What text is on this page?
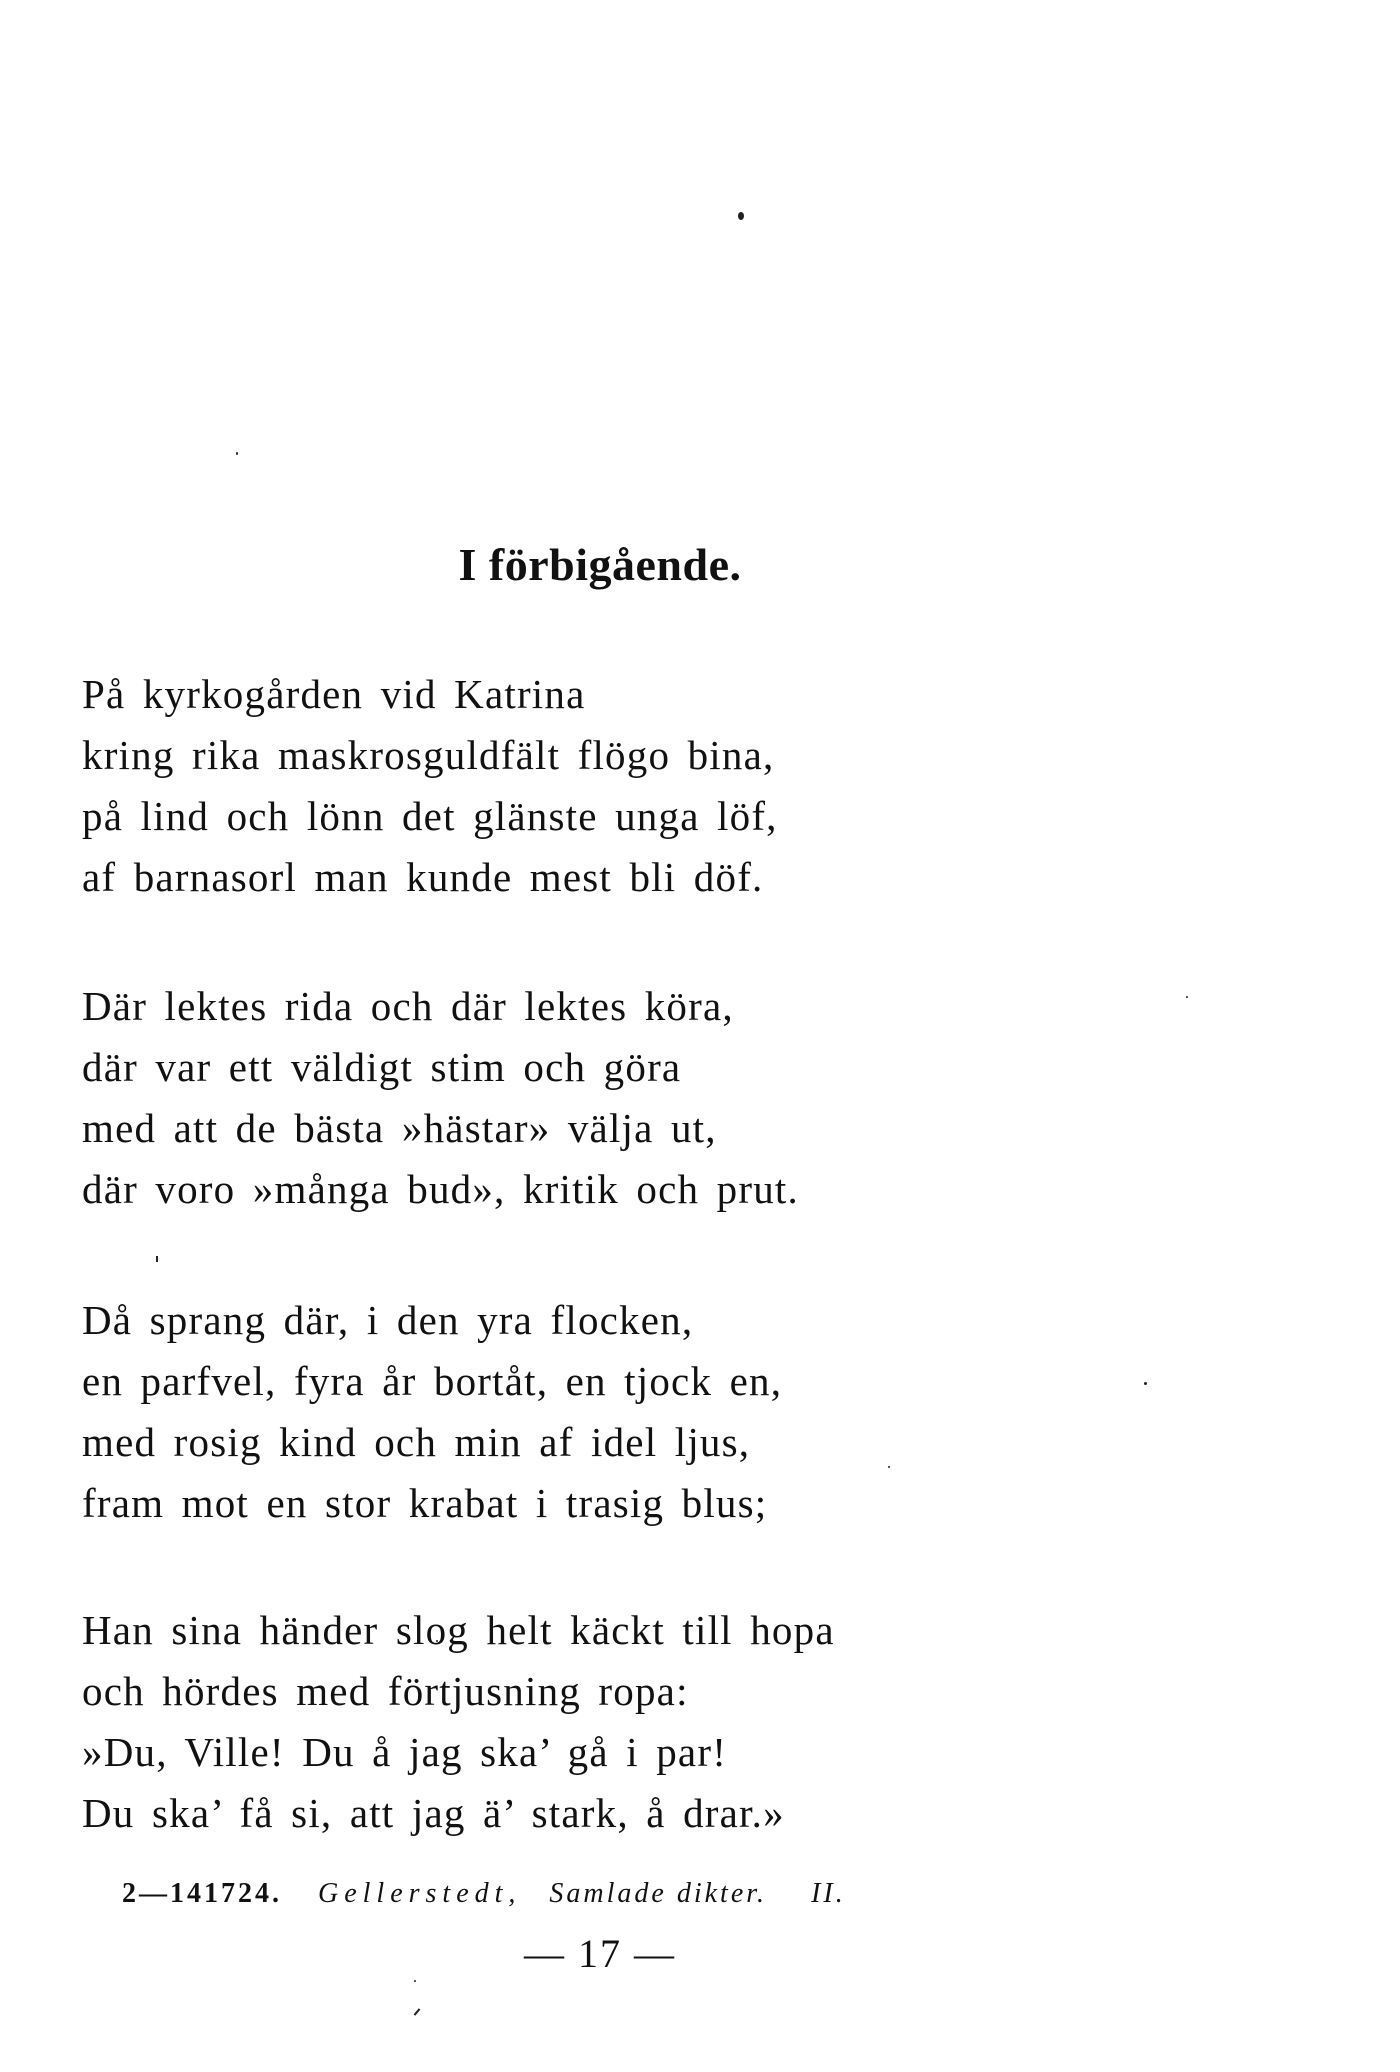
I förbigående.
På kyrkogården vid Katrina
kring rika maskrosguldfält flögo bina,
på lind och lönn det glänste unga löf,
af barnasorl man kunde mest bli döf.
Där lektes rida och där lektes köra,
där var ett väldigt stim och göra
med att de bästa »hästar» välja ut,
där voro »många bud», kritik och prut.
Då sprang där, i den yra flocken,
en parfvel, fyra år bortåt, en tjock en,
med rosig kind och min af idel ljus,
fram mot en stor krabat i trasig blus;
Han sina händer slog helt käckt till hopa
och hördes med förtjusning ropa:
»Du, Ville! Du å jag ska’ gå i par!
Du ska’ få si, att jag ä’ stark, å drar.»
2—141724. Gellerstedt, Samlade dikter. II.
— 17 —
